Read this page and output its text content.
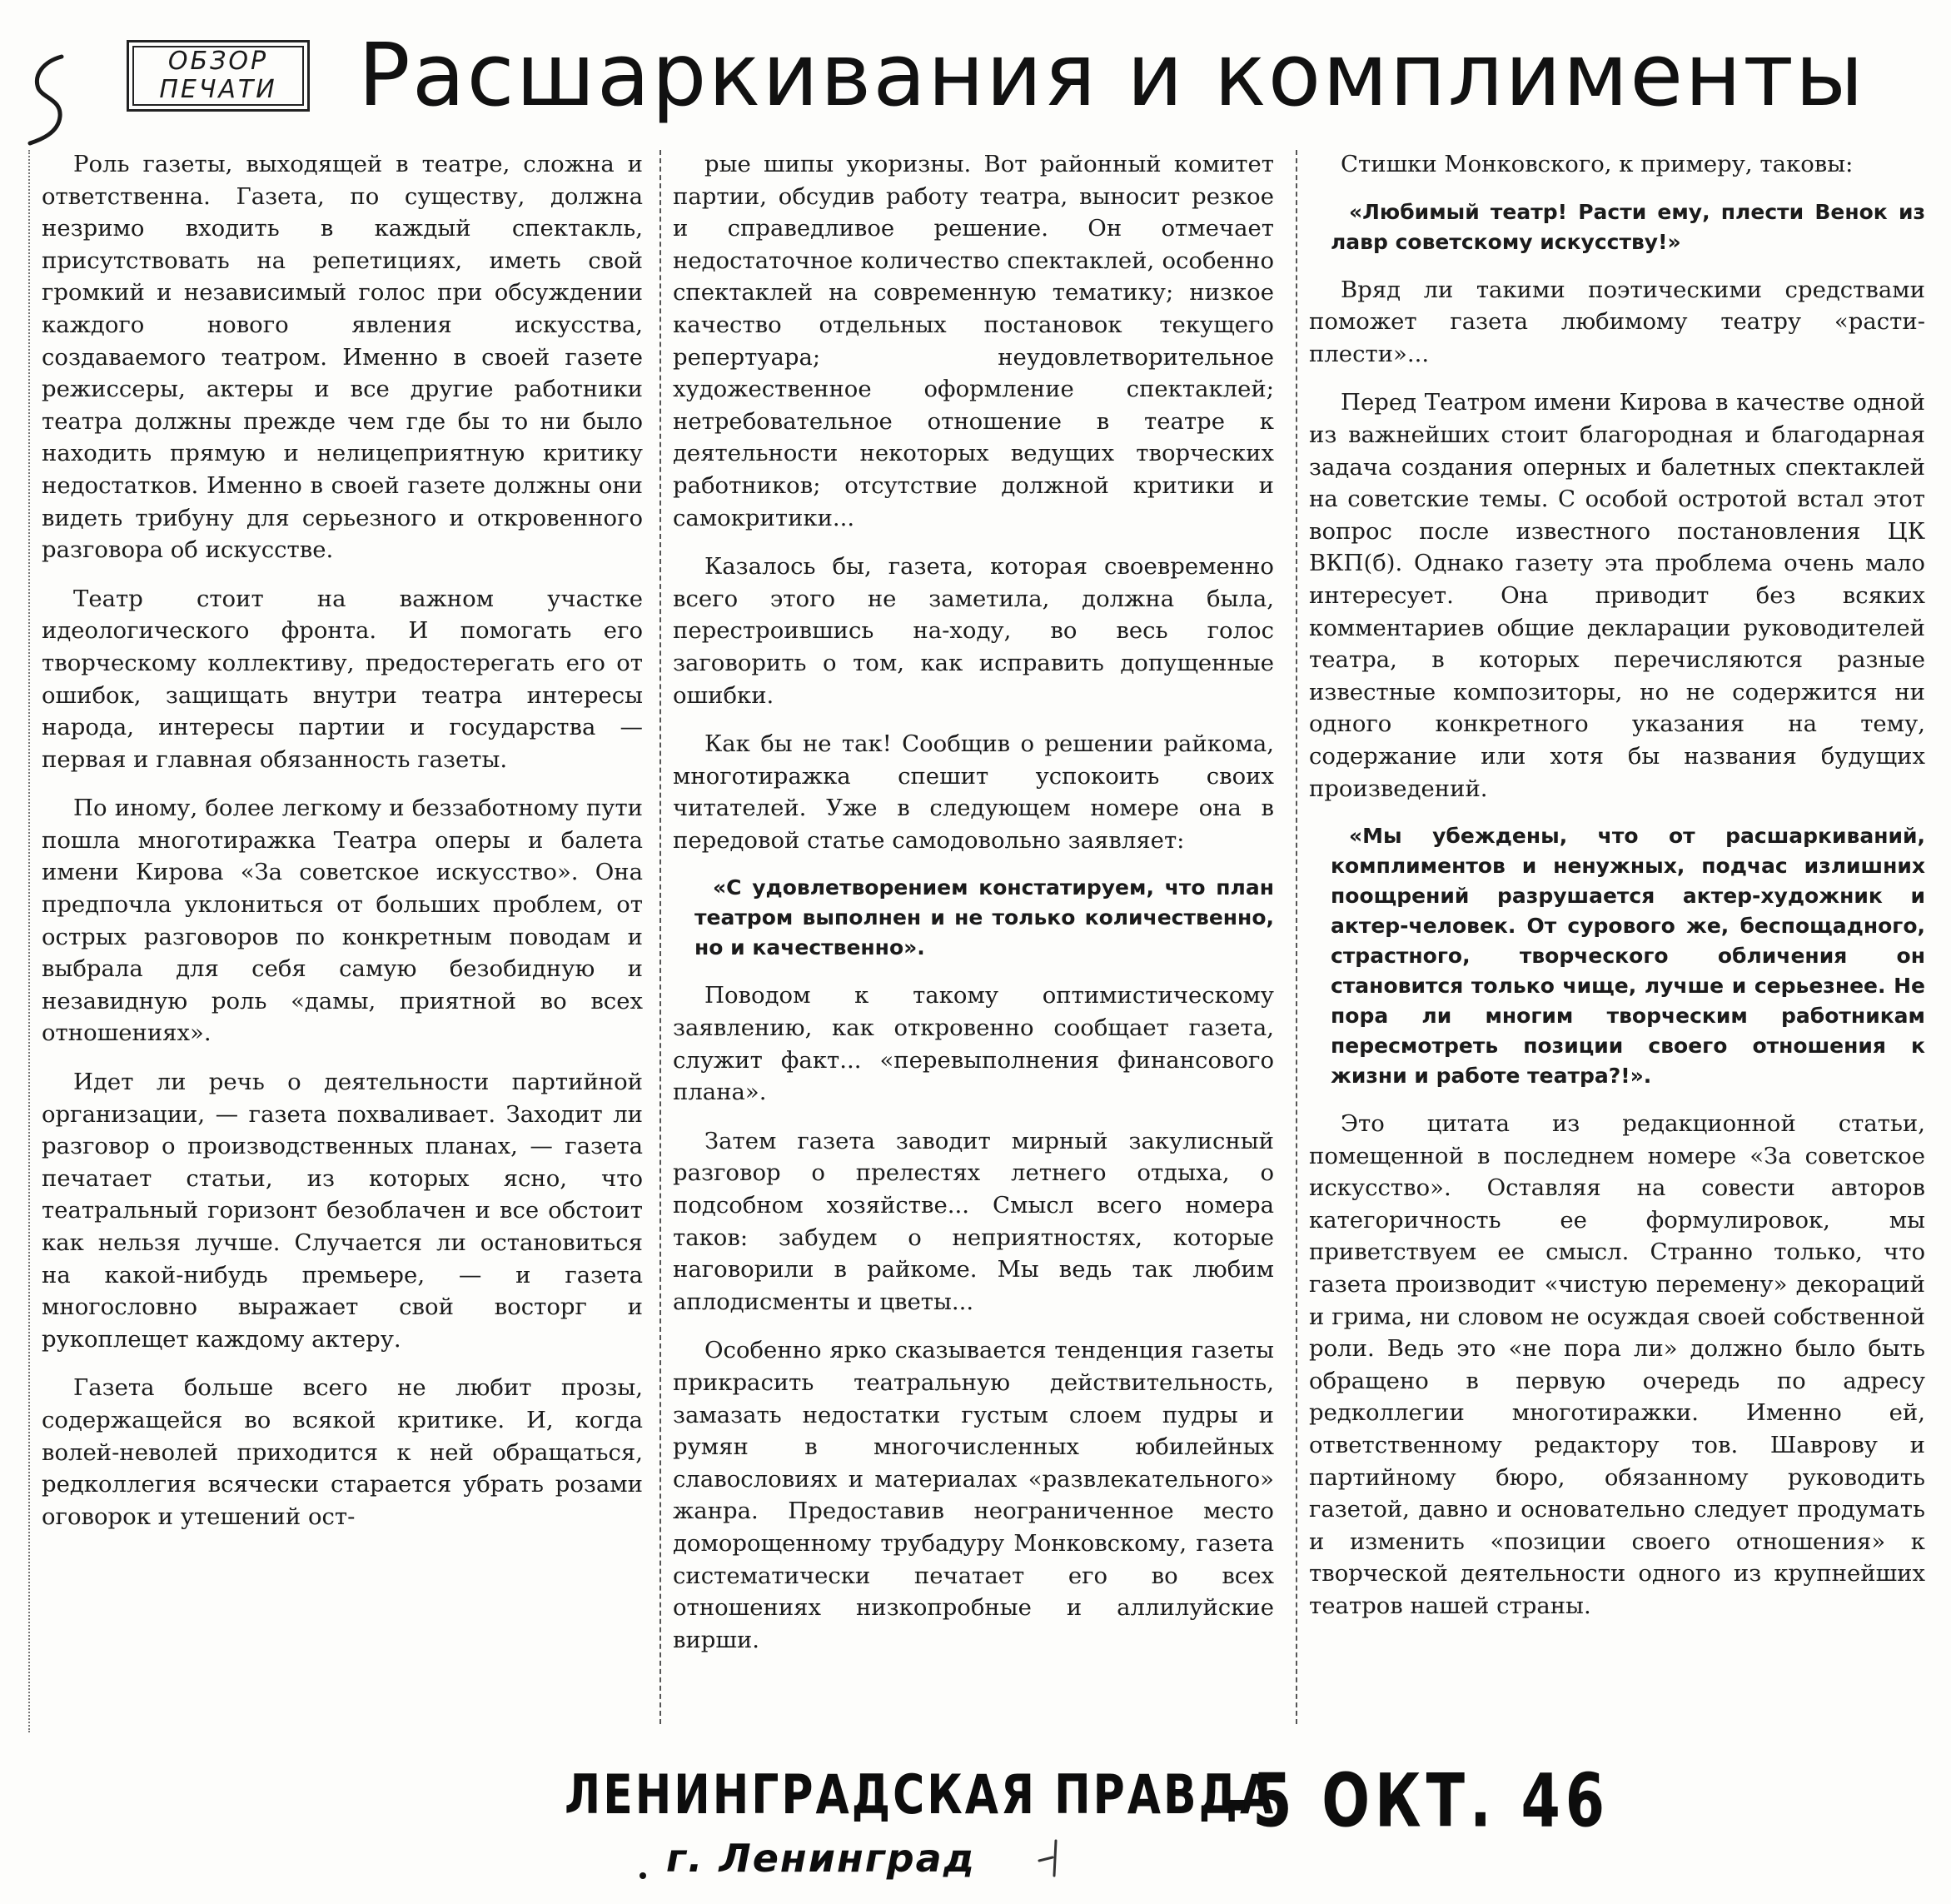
ОБЗОР
ПЕЧАТИ Расшаркивания и комплименты

Роль газеты, выходящей в театре, сложна и ответственна. Газета, по существу, должна незримо входить в каждый спектакль, присутствовать на репетициях, иметь свой громкий и независимый голос при обсуждении каждого нового явления искусства, создаваемого театром. Именно в своей газете режиссеры, актеры и все другие работники театра должны прежде чем где бы то ни было находить прямую и нелицеприятную критику недостатков. Именно в своей газете должны они видеть трибуну для серьезного и откровенного разговора об искусстве.

Театр стоит на важном участке идеологического фронта. И помогать его творческому коллективу, предостерегать его от ошибок, защищать внутри театра интересы народа, интересы партии и государства — первая и главная обязанность газеты.

По иному, более легкому и беззаботному пути пошла многотиражка Театра оперы и балета имени Кирова «За советское искусство». Она предпочла уклониться от больших проблем, от острых разговоров по конкретным поводам и выбрала для себя самую безобидную и незавидную роль «дамы, приятной во всех отношениях».

Идет ли речь о деятельности партийной организации, — газета похваливает. Заходит ли разговор о производственных планах, — газета печатает статьи, из которых ясно, что театральный горизонт безоблачен и все обстоит как нельзя лучше. Случается ли остановиться на какой-нибудь премьере, — и газета многословно выражает свой восторг и рукоплещет каждому актеру.

Газета больше всего не любит прозы, содержащейся во всякой критике. И, когда волей-неволей приходится к ней обращаться, редколлегия всячески старается убрать розами оговорок и утешений ост-

рые шипы укоризны. Вот районный комитет партии, обсудив работу театра, выносит резкое и справедливое решение. Он отмечает недостаточное количество спектаклей, особенно спектаклей на современную тематику; низкое качество отдельных постановок текущего репертуара; неудовлетворительное художественное оформление спектаклей; нетребовательное отношение в театре к деятельности некоторых ведущих творческих работников; отсутствие должной критики и самокритики...

Казалось бы, газета, которая своевременно всего этого не заметила, должна была, перестроившись на-ходу, во весь голос заговорить о том, как исправить допущенные ошибки.

Как бы не так! Сообщив о решении райкома, многотиражка спешит успокоить своих читателей. Уже в следующем номере она в передовой статье самодовольно заявляет:

«С удовлетворением констатируем, что план театром выполнен и не только количественно, но и качественно».

Поводом к такому оптимистическому заявлению, как откровенно сообщает газета, служит факт... «перевыполнения финансового плана».

Затем газета заводит мирный закулисный разговор о прелестях летнего отдыха, о подсобном хозяйстве... Смысл всего номера таков: забудем о неприятностях, которые наговорили в райкоме. Мы ведь так любим аплодисменты и цветы...

Особенно ярко сказывается тенденция газеты прикрасить театральную действительность, замазать недостатки густым слоем пудры и румян в многочисленных юбилейных славословиях и материалах «развлекательного» жанра. Предоставив неограниченное место доморощенному трубадуру Монковскому, газета систематически печатает его во всех отношениях низкопробные и аллилуйские вирши.

Стишки Монковского, к примеру, таковы:

«Любимый театр! Расти ему, плести Венок из лавр советскому искусству!»

Вряд ли такими поэтическими средствами поможет газета любимому театру «расти-плести»...

Перед Театром имени Кирова в качестве одной из важнейших стоит благородная и благодарная задача создания оперных и балетных спектаклей на советские темы. С особой остротой встал этот вопрос после известного постановления ЦК ВКП(б). Однако газету эта проблема очень мало интересует. Она приводит без всяких комментариев общие декларации руководителей театра, в которых перечисляются разные известные композиторы, но не содержится ни одного конкретного указания на тему, содержание или хотя бы названия будущих произведений.

«Мы убеждены, что от расшаркиваний, комплиментов и ненужных, подчас излишних поощрений разрушается актер-художник и актер-человек. От сурового же, беспощадного, страстного, творческого обличения он становится только чище, лучше и серьезнее. Не пора ли многим творческим работникам пересмотреть позиции своего отношения к жизни и работе театра?!».

Это цитата из редакционной статьи, помещенной в последнем номере «За советское искусство». Оставляя на совести авторов категоричность ее формулировок, мы приветствуем ее смысл. Странно только, что газета производит «чистую перемену» декораций и грима, ни словом не осуждая своей собственной роли. Ведь это «не пора ли» должно было быть обращено в первую очередь по адресу редколлегии многотиражки. Именно ей, ответственному редактору тов. Шаврову и партийному бюро, обязанному руководить газетой, давно и основательно следует продумать и изменить «позиции своего отношения» к творческой деятельности одного из крупнейших театров нашей страны.

ЛЕНИНГРАДСКАЯ ПРАВДА
-5 ОКТ. 46
г. Ленинград
